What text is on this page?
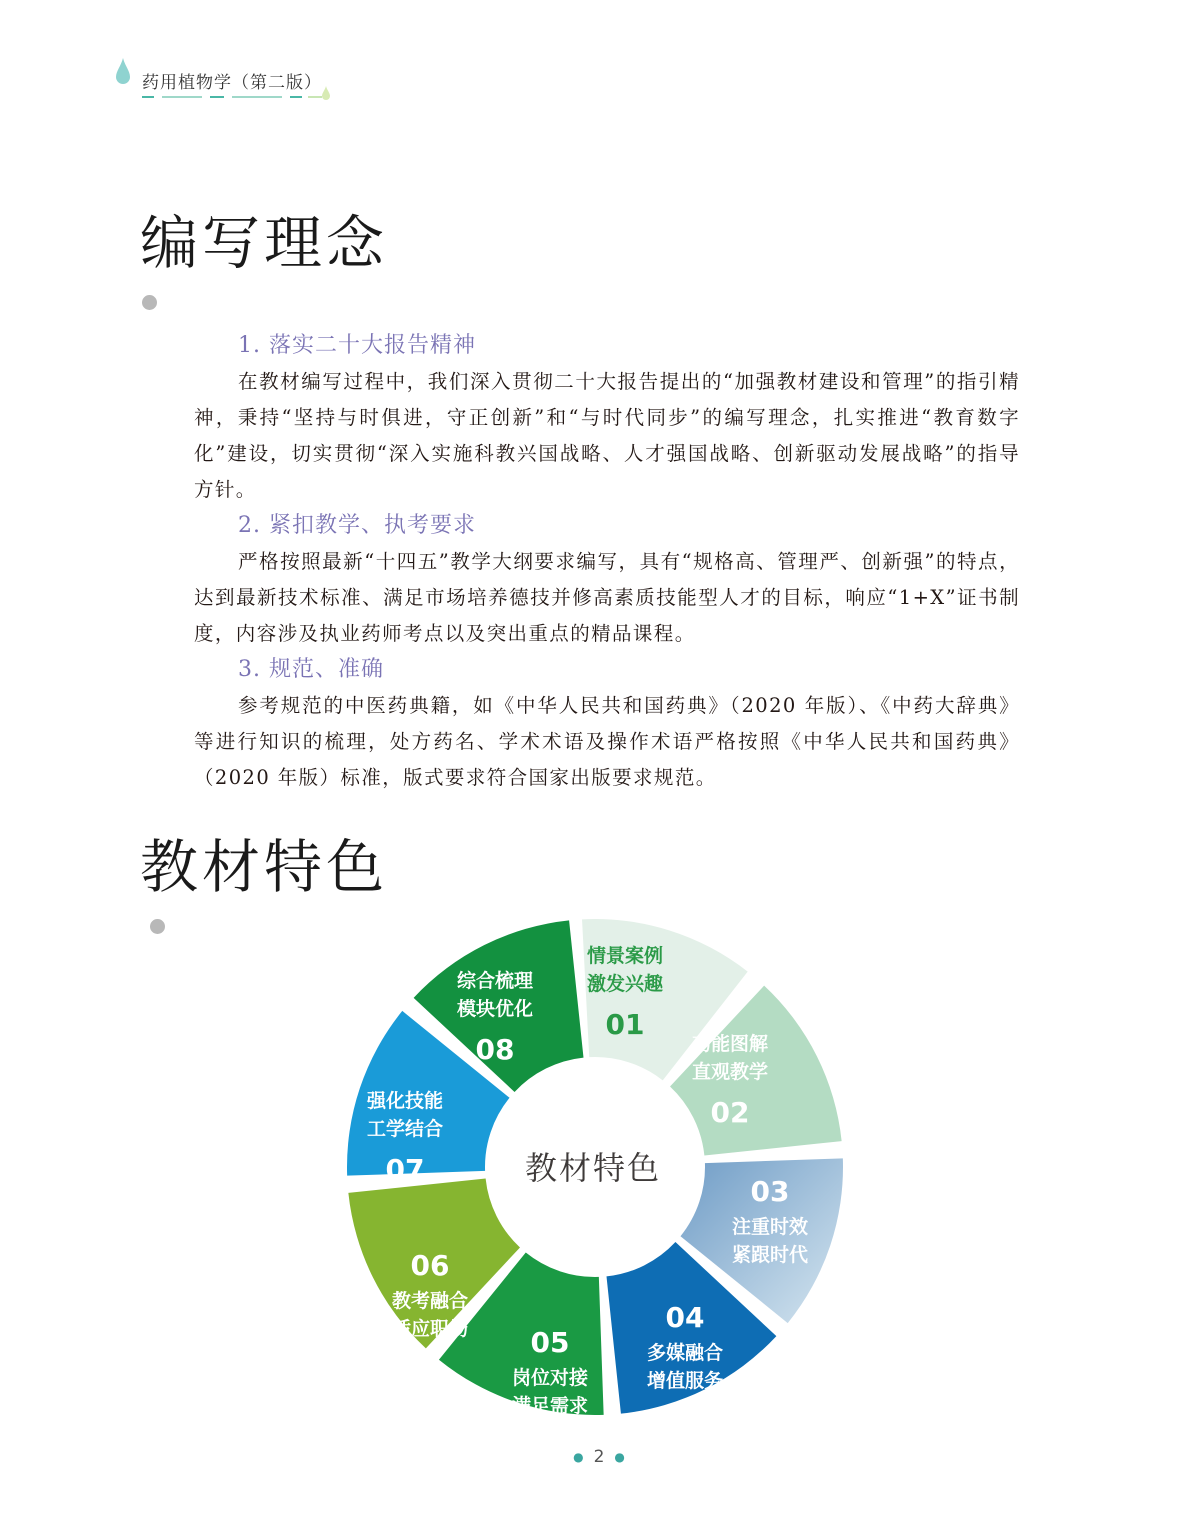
药用植物学（第二版）
编写理念
1. 落实二十大报告精神
在教材编写过程中，我们深入贯彻二十大报告提出的“加强教材建设和管理”的指引精神，秉持“坚持与时俱进，守正创新”和“与时代同步”的编写理念，扎实推进“教育数字化”建设，切实贯彻“深入实施科教兴国战略、人才强国战略、创新驱动发展战略”的指导方针。
2. 紧扣教学、执考要求
严格按照最新“十四五”教学大纲要求编写，具有“规格高、管理严、创新强”的特点，达到最新技术标准、满足市场培养德技并修高素质技能型人才的目标，响应“1+X”证书制度，内容涉及执业药师考点以及突出重点的精品课程。
3. 规范、准确
参考规范的中医药典籍，如《中华人民共和国药典》（2020 年版）、《中药大辞典》等进行知识的梳理，处方药名、学术术语及操作术语严格按照《中华人民共和国药典》（2020 年版）标准，版式要求符合国家出版要求规范。
教材特色
情景案例
激发兴趣
01
功能图解
直观教学
02
03
注重时效
紧跟时代
04
多媒融合
增值服务
05
岗位对接
满足需求
06
教考融合
适应职场
强化技能
工学结合
07
综合梳理
模块优化
08
教材特色
● 2 ●
